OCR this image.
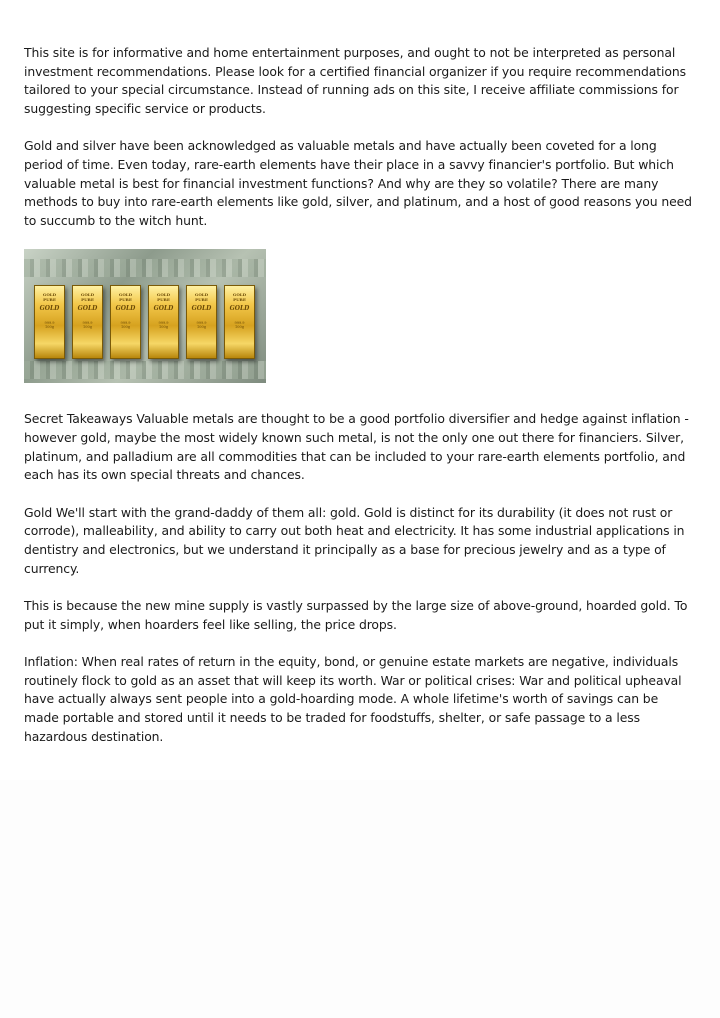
This site is for informative and home entertainment purposes, and ought to not be interpreted as personal investment recommendations. Please look for a certified financial organizer if you require recommendations tailored to your special circumstance. Instead of running ads on this site, I receive affiliate commissions for suggesting specific service or products.

Gold and silver have been acknowledged as valuable metals and have actually been coveted for a long period of time. Even today, rare-earth elements have their place in a savvy financier's portfolio. But which valuable metal is best for financial investment functions? And why are they so volatile? There are many methods to buy into rare-earth elements like gold, silver, and platinum, and a host of good reasons you need to succumb to the witch hunt.

GOLD
PURE
GOLD
999.9
100g
GOLD
PURE
GOLD
999.9
100g
GOLD
PURE
GOLD
999.9
100g
GOLD
PURE
GOLD
999.9
100g
GOLD
PURE
GOLD
999.9
100g
GOLD
PURE
GOLD
999.9
100g

Secret Takeaways Valuable metals are thought to be a good portfolio diversifier and hedge against inflation - however gold, maybe the most widely known such metal, is not the only one out there for financiers. Silver, platinum, and palladium are all commodities that can be included to your rare-earth elements portfolio, and each has its own special threats and chances.

Gold We'll start with the grand-daddy of them all: gold. Gold is distinct for its durability (it does not rust or corrode), malleability, and ability to carry out both heat and electricity. It has some industrial applications in dentistry and electronics, but we understand it principally as a base for precious jewelry and as a type of currency.

This is because the new mine supply is vastly surpassed by the large size of above-ground, hoarded gold. To put it simply, when hoarders feel like selling, the price drops.

Inflation: When real rates of return in the equity, bond, or genuine estate markets are negative, individuals routinely flock to gold as an asset that will keep its worth. War or political crises: War and political upheaval have actually always sent people into a gold-hoarding mode. A whole lifetime's worth of savings can be made portable and stored until it needs to be traded for foodstuffs, shelter, or safe passage to a less hazardous destination.
